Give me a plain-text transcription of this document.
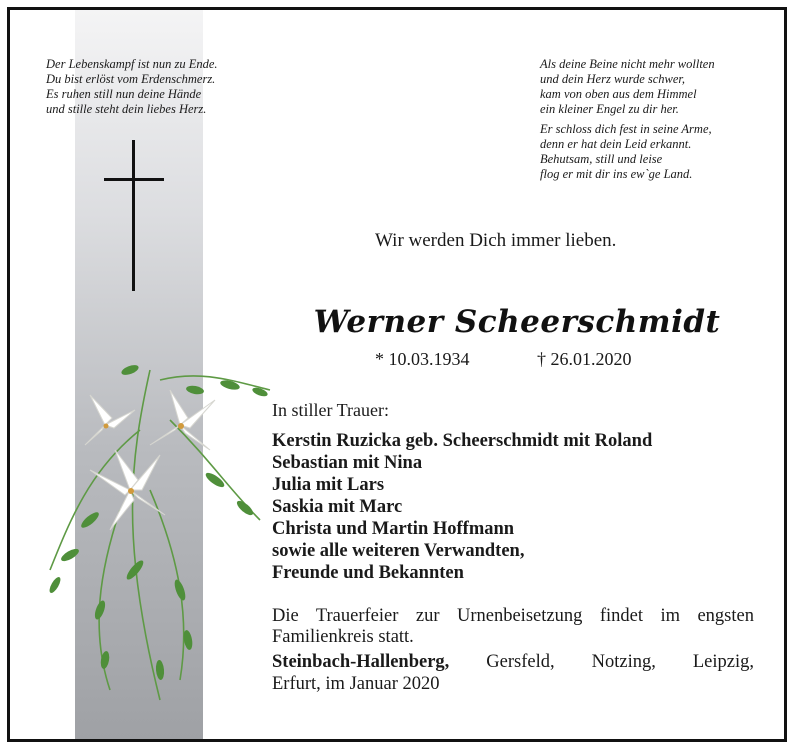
Der Lebenskampf ist nun zu Ende.

Du bist erlöst vom Erdenschmerz.

Es ruhen still nun deine Hände

und stille steht dein liebes Herz.

Als deine Beine nicht mehr wollten

und dein Herz wurde schwer,

kam von oben aus dem Himmel

ein kleiner Engel zu dir her.

Er schloss dich fest in seine Arme,

denn er hat dein Leid erkannt.

Behutsam, still und leise

flog er mit dir ins ew`ge Land.

Wir werden Dich immer lieben.
Werner Scheerschmidt
* 10.03.1934	† 26.01.2020
In stiller Trauer:
Kerstin Ruzicka geb. Scheerschmidt mit Roland
Sebastian mit Nina
Julia mit Lars
Saskia mit Marc
Christa und Martin Hoffmann
sowie alle weiteren Verwandten,
Freunde und Bekannten
Die Trauerfeier zur Urnenbeisetzung findet im engsten Familienkreis statt.
Steinbach-Hallenberg, Gersfeld, Notzing, Leipzig,
Erfurt, im Januar 2020
